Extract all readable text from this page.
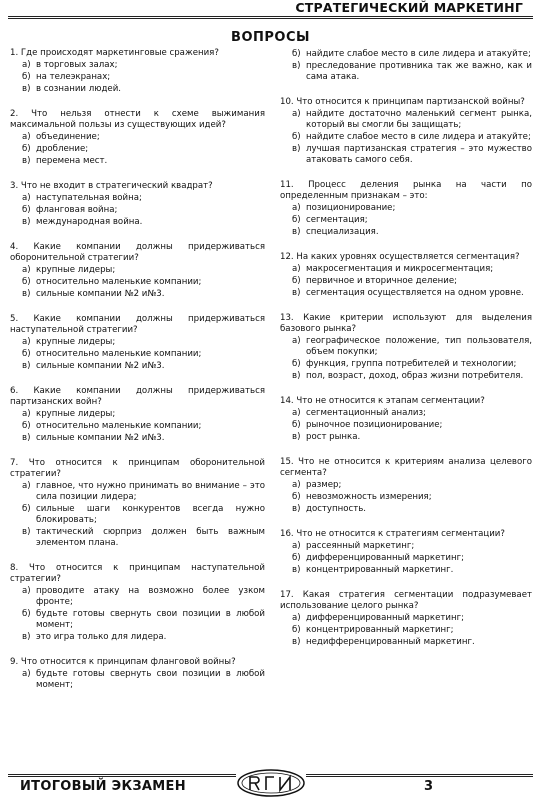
СТРАТЕГИЧЕСКИЙ МАРКЕТИНГ
ВОПРОСЫ
1. Где происходят маркетинговые сражения?
а) в торговых залах;
б) на телеэкранах;
в) в сознании людей.
2. Что нельзя отнести к схеме выжимания максимальной пользы из существующих идей?
а) объединение;
б) дробление;
в) перемена мест.
3. Что не входит в стратегический квадрат?
а) наступательная война;
б) фланговая война;
в) международная война.
4. Какие компании должны придерживаться оборонительной стратегии?
а) крупные лидеры;
б) относительно маленькие компании;
в) сильные компании №2 и№3.
5. Какие компании должны придерживаться наступательной стратегии?
а) крупные лидеры;
б) относительно маленькие компании;
в) сильные компании №2 и№3.
6. Какие компании должны придерживаться партизанских войн?
а) крупные лидеры;
б) относительно маленькие компании;
в) сильные компании №2 и№3.
7. Что относится к принципам оборонительной стратегии?
а) главное, что нужно принимать во внимание – это сила позиции лидера;
б) сильные шаги конкурентов всегда нужно блокировать;
в) тактический сюрприз должен быть важным элементом плана.
8. Что относится к принципам наступательной стратегии?
а) проводите атаку на возможно более узком фронте;
б) будьте готовы свернуть свои позиции в любой момент;
в) это игра только для лидера.
9. Что относится к принципам фланговой войны?
а) будьте готовы свернуть свои позиции в любой момент;
б) найдите слабое место в силе лидера и атакуйте;
в) преследование противника так же важно, как и сама атака.
10. Что относится к принципам партизанской войны?
а) найдите достаточно маленький сегмент рынка, который вы смогли бы защищать;
б) найдите слабое место в силе лидера и атакуйте;
в) лучшая партизанская стратегия – это мужество атаковать самого себя.
11. Процесс деления рынка на части по определенным признакам – это:
а) позиционирование;
б) сегментация;
в) специализация.
12. На каких уровнях осуществляется сегментация?
а) макросегментация и микросегментация;
б) первичное и вторичное деление;
в) сегментация осуществляется на одном уровне.
13. Какие критерии используют для выделения базового рынка?
а) географическое положение, тип пользователя, объем покупки;
б) функция, группа потребителей и технологии;
в) пол, возраст, доход, образ жизни потребителя.
14. Что не относится к этапам сегментации?
а) сегментационный анализ;
б) рыночное позиционирование;
в) рост рынка.
15. Что не относится к критериям анализа целевого сегмента?
а) размер;
б) невозможность измерения;
в) доступность.
16. Что не относится к стратегиям сегментации?
а) рассеянный маркетинг;
б) дифференцированный маркетинг;
в) концентрированный маркетинг.
17. Какая стратегия сегментации подразумевает использование целого рынка?
а) дифференцированный маркетинг;
б) концентрированный маркетинг;
в) недифференцированный маркетинг.
ИТОГОВЫЙ ЭКЗАМЕН	3
